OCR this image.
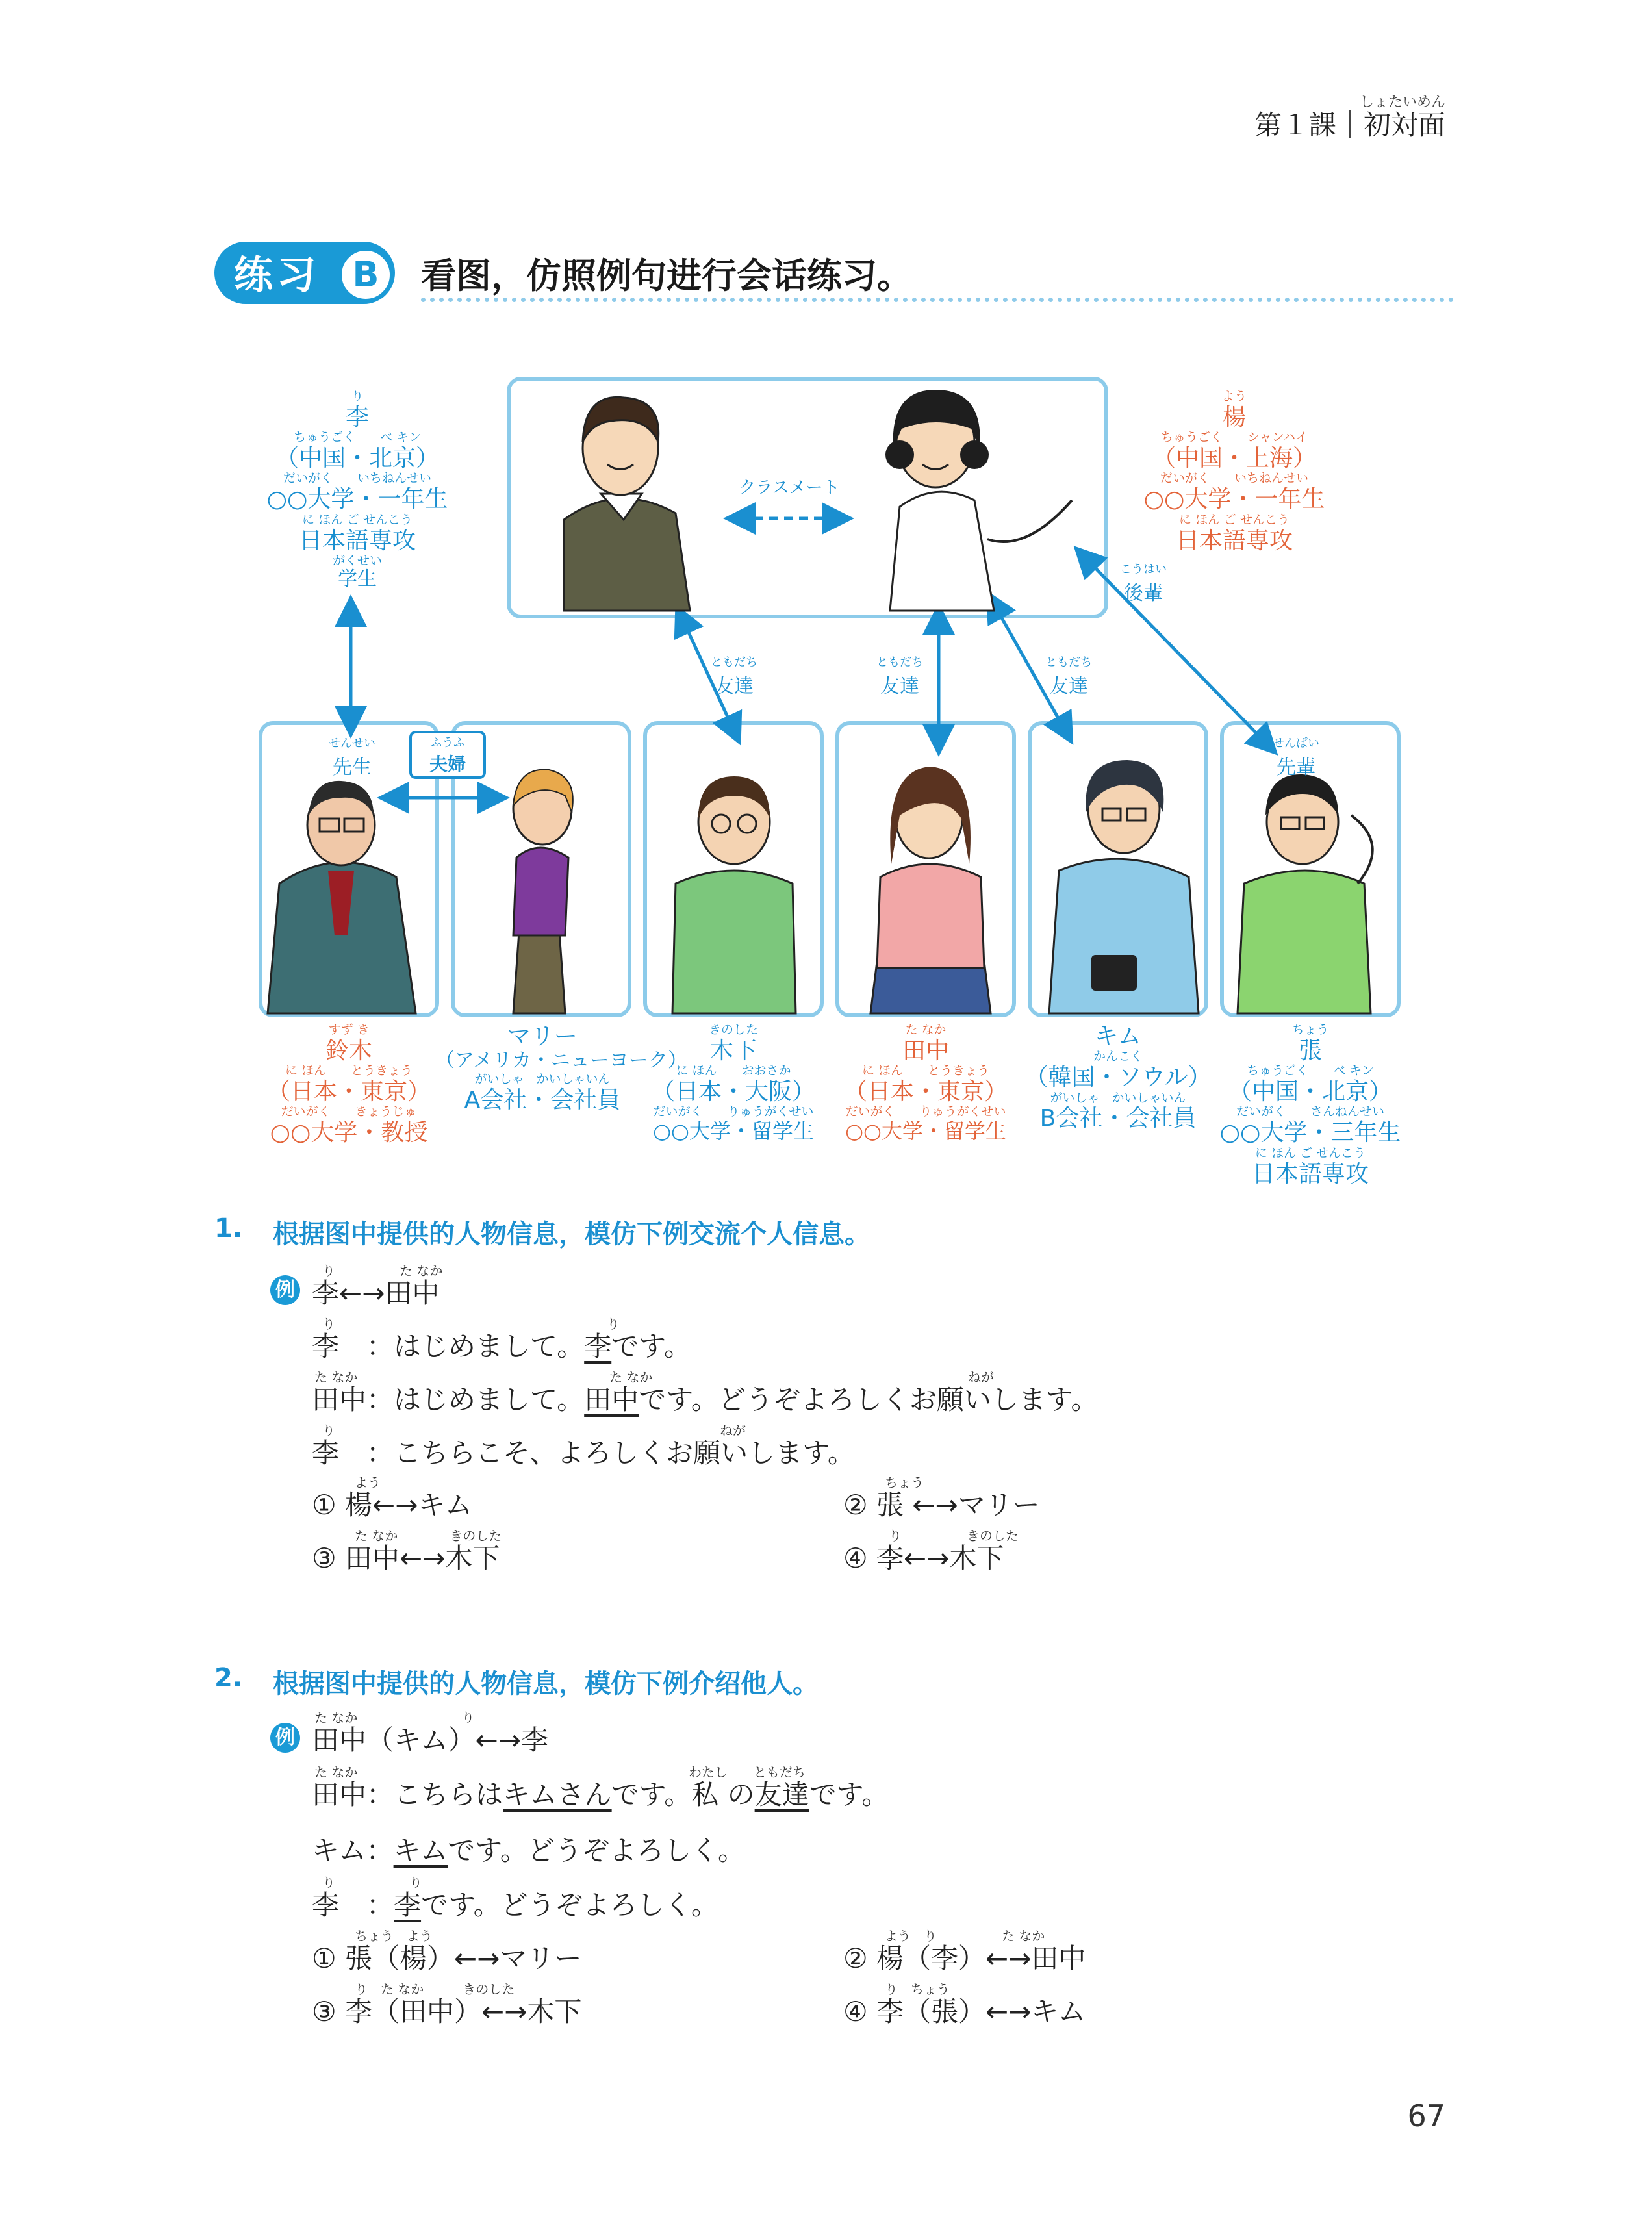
しょたいめん
第１課｜初対面
练习 B	看图，仿照例句进行会话练习。
り
李
ちゅうごく　　べ キン
（中国・北京）
だいがく　　いちねんせい
○○大学・一年生
に ほん ご せんこう
日本語専攻
がくせい
学生
よう
楊
ちゅうごく　　シャンハイ
（中国・上海）
だいがく　　いちねんせい
○○大学・一年生
に ほん ご せんこう
日本語専攻
クラスメート
こうはい
後輩
ともだち
友達
ともだち
友達
ともだち
友達
せんせい
先生
せんぱい
先輩
ふうふ
夫婦
すず き
鈴木
に ほん　　とうきょう
（日本・東京）
だいがく　　きょうじゅ
○○大学・教授
マリー
（アメリカ・ニューヨーク）
がいしゃ　かいしゃいん
A会社・会社員
きのした
木下
に ほん　　おおさか
（日本・大阪）
だいがく　　りゅうがくせい
○○大学・留学生
た なか
田中
に ほん　　とうきょう
（日本・東京）
だいがく　　りゅうがくせい
○○大学・留学生
キム
かんこく
（韓国・ソウル）
がいしゃ　かいしゃいん
B会社・会社員
ちょう
張
ちゅうごく　　べ キン
（中国・北京）
だいがく　　さんねんせい
○○大学・三年生
に ほん ご せんこう
日本語専攻
1. 根据图中提供的人物信息，模仿下例交流个人信息。
例
り	た なか
李←→田中
り	り
李　：はじめまして。李です。
た なか	た なか	ねが
田中：はじめまして。田中です。どうぞよろしくお願いします。
り	ねが
李　：こちらこそ、よろしくお願いします。
よう
① 楊←→キム
ちょう
② 張 ←→マリー
た なか　　　　きのした
③ 田中←→木下
り　　　　　きのした
④ 李←→木下
2. 根据图中提供的人物信息，模仿下例介绍他人。
例
た なか　　　　　　　　り
田中（キム）←→李
た なか	わたし　　ともだち
田中：こちらはキムさんです。私 の友達です。
キム：キムです。どうぞよろしく。
り	り
李　：李です。どうぞよろしく。
ちょう　よう
① 張（楊）←→マリー
よう　り　　　　　た なか
② 楊（李）←→田中
り　た なか　　　きのした
③ 李（田中）←→木下
り　ちょう
④ 李（張）←→キム
67
